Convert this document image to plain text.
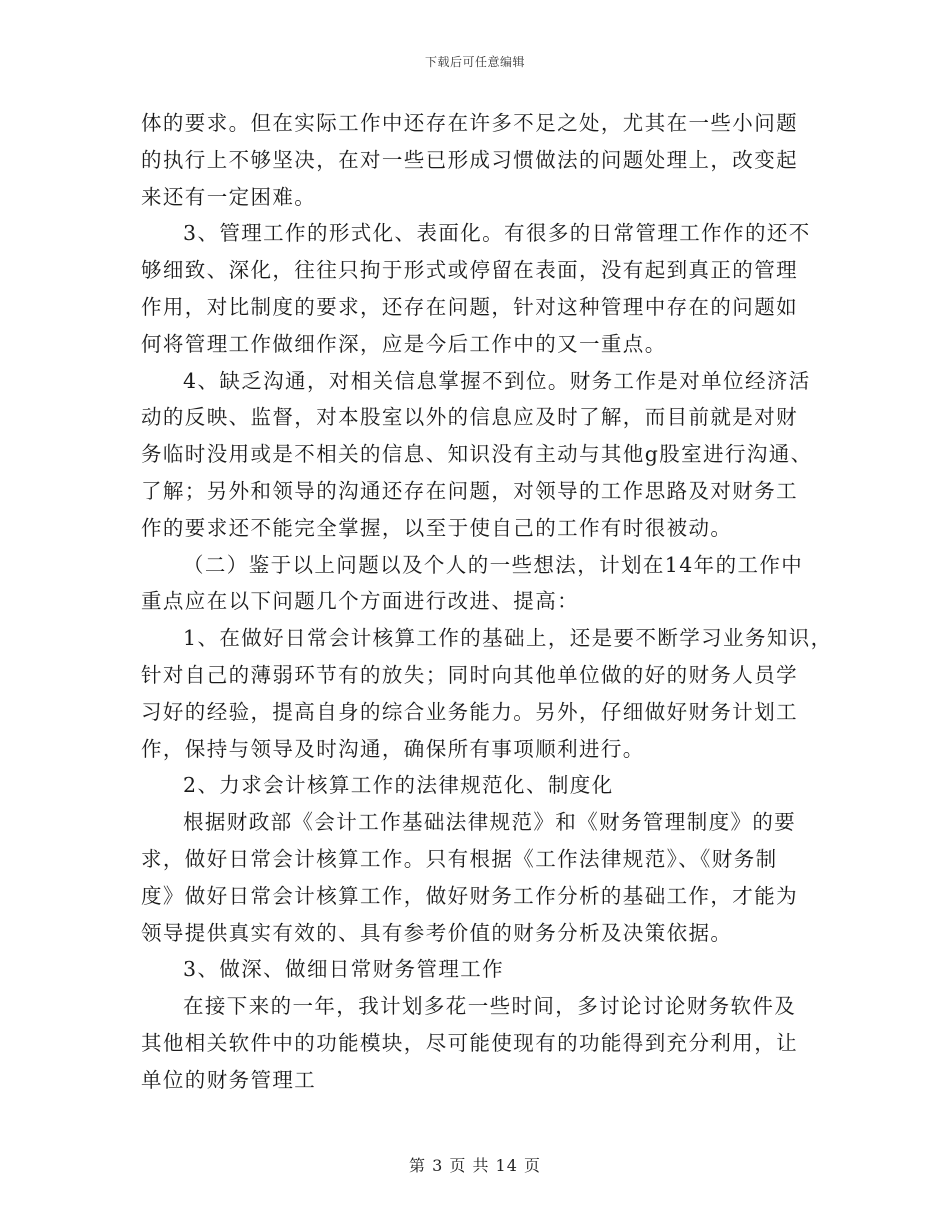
下载后可任意编辑
体的要求。但在实际工作中还存在许多不足之处，尤其在一些小问题
的执行上不够坚决，在对一些已形成习惯做法的问题处理上，改变起
来还有一定困难。
3、管理工作的形式化、表面化。有很多的日常管理工作作的还不
够细致、深化，往往只拘于形式或停留在表面，没有起到真正的管理
作用，对比制度的要求，还存在问题，针对这种管理中存在的问题如
何将管理工作做细作深，应是今后工作中的又一重点。
4、缺乏沟通，对相关信息掌握不到位。财务工作是对单位经济活
动的反映、监督，对本股室以外的信息应及时了解，而目前就是对财
务临时没用或是不相关的信息、知识没有主动与其他g股室进行沟通、
了解；另外和领导的沟通还存在问题，对领导的工作思路及对财务工
作的要求还不能完全掌握，以至于使自己的工作有时很被动。
（二）鉴于以上问题以及个人的一些想法，计划在14年的工作中
重点应在以下问题几个方面进行改进、提高：
1、在做好日常会计核算工作的基础上，还是要不断学习业务知识，
针对自己的薄弱环节有的放失；同时向其他单位做的好的财务人员学
习好的经验，提高自身的综合业务能力。另外，仔细做好财务计划工
作，保持与领导及时沟通，确保所有事项顺利进行。
2、力求会计核算工作的法律规范化、制度化
根据财政部《会计工作基础法律规范》和《财务管理制度》的要
求，做好日常会计核算工作。只有根据《工作法律规范》、《财务制
度》做好日常会计核算工作，做好财务工作分析的基础工作，才能为
领导提供真实有效的、具有参考价值的财务分析及决策依据。
3、做深、做细日常财务管理工作
在接下来的一年，我计划多花一些时间，多讨论讨论财务软件及
其他相关软件中的功能模块，尽可能使现有的功能得到充分利用，让
单位的财务管理工
第 3 页 共 14 页
